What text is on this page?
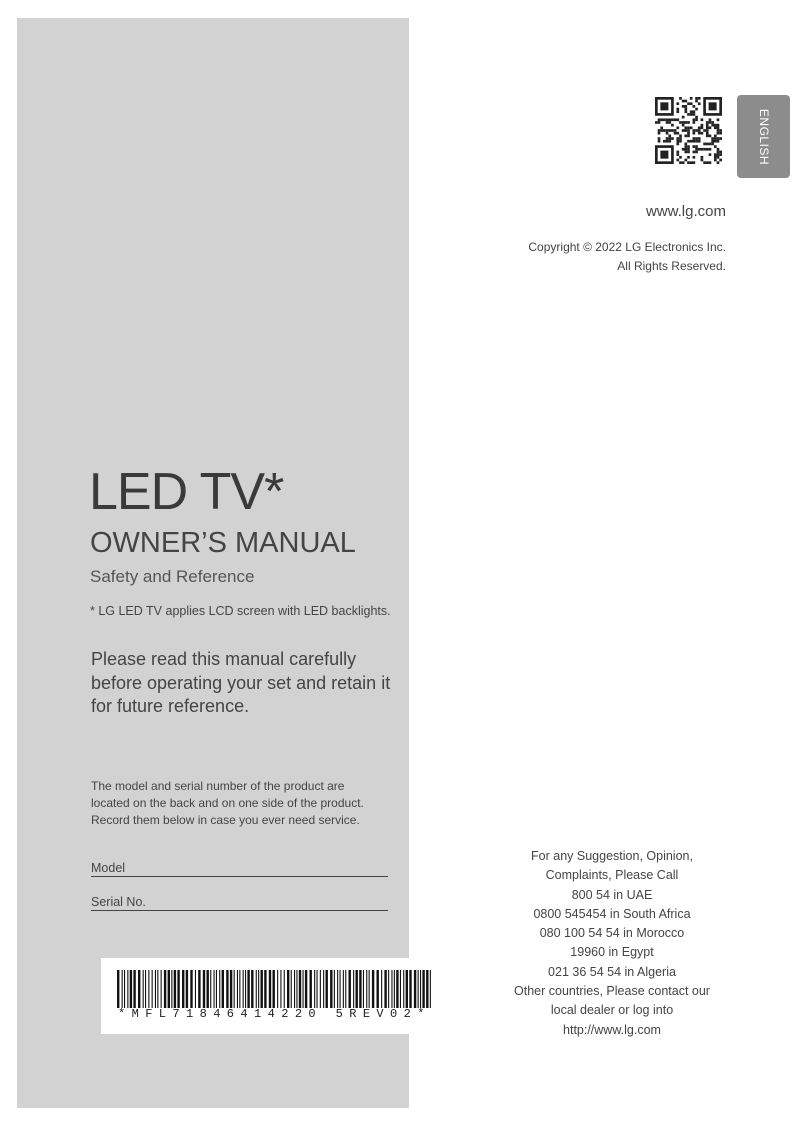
ENGLISH
www.lg.com
Copyright © 2022 LG Electronics Inc.
All Rights Reserved.
LED TV*
OWNER’S MANUAL
Safety and Reference
* LG LED TV applies LCD screen with LED backlights.
Please read this manual carefully
before operating your set and retain it
for future reference.
The model and serial number of the product are
located on the back and on one side of the product.
Record them below in case you ever need service.
Model
Serial No.
*MFL71846414220 5REV02*
For any Suggestion, Opinion,
Complaints, Please Call
800 54 in UAE
0800 545454 in South Africa
080 100 54 54 in Morocco
19960 in Egypt
021 36 54 54 in Algeria
Other countries, Please contact our
local dealer or log into
http://www.lg.com
